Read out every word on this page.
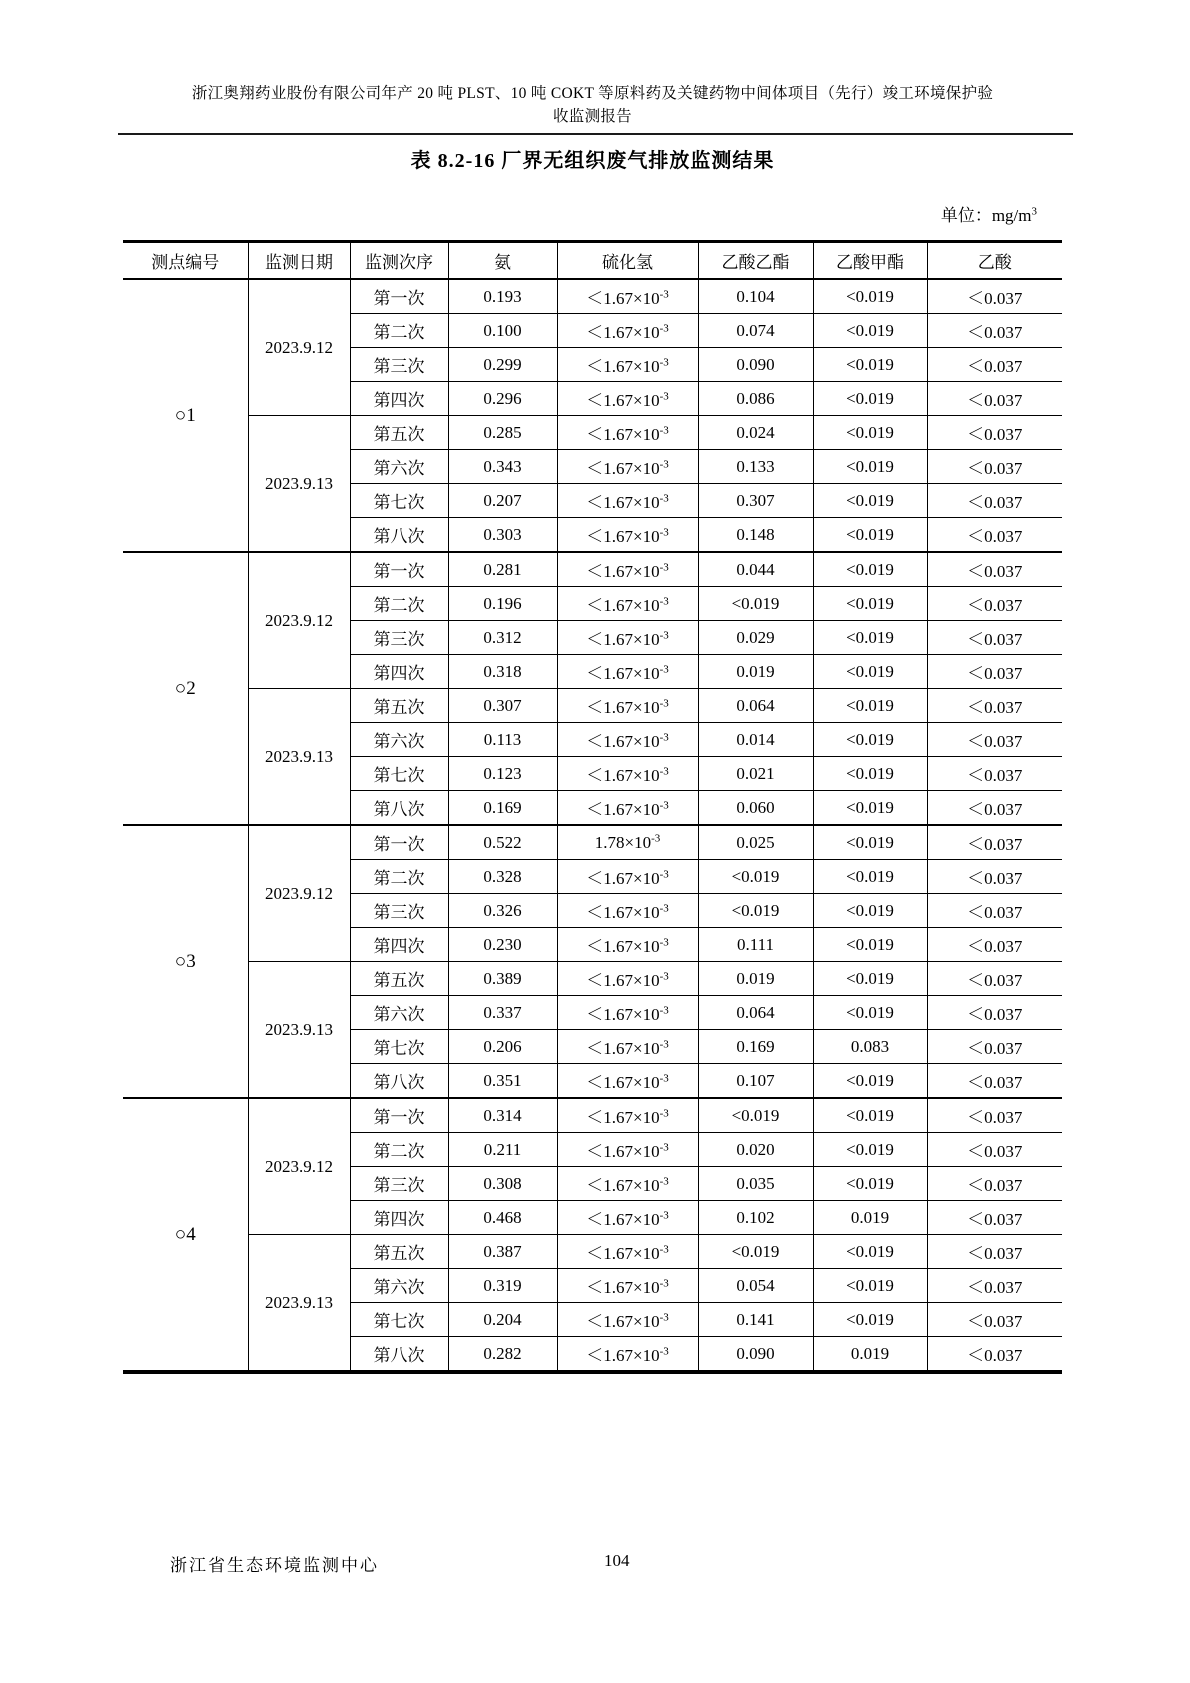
浙江奥翔药业股份有限公司年产 20 吨 PLST、10 吨 COKT 等原料药及关键药物中间体项目（先行）竣工环境保护验
收监测报告
表 8.2-16 厂界无组织废气排放监测结果
单位：$mg/m^3$
测点编号	监测日期	监测次序	氨	硫化氢	乙酸乙酯	乙酸甲酯	乙酸
○1	2023.9.12	第一次	0.193	$<1.67\times 10^{-3}$	0.104	<0.019	＜0.037
		第二次	0.100	$<1.67\times 10^{-3}$	0.074	<0.019	＜0.037
		第三次	0.299	$<1.67\times 10^{-3}$	0.090	<0.019	＜0.037
		第四次	0.296	$<1.67\times 10^{-3}$	0.086	<0.019	＜0.037
	2023.9.13	第五次	0.285	$<1.67\times 10^{-3}$	0.024	<0.019	＜0.037
		第六次	0.343	$<1.67\times 10^{-3}$	0.133	<0.019	＜0.037
		第七次	0.207	$<1.67\times 10^{-3}$	0.307	<0.019	＜0.037
		第八次	0.303	$<1.67\times 10^{-3}$	0.148	<0.019	＜0.037
○2	2023.9.12	第一次	0.281	$<1.67\times 10^{-3}$	0.044	<0.019	＜0.037
		第二次	0.196	$<1.67\times 10^{-3}$	<0.019	<0.019	＜0.037
		第三次	0.312	$<1.67\times 10^{-3}$	0.029	<0.019	＜0.037
		第四次	0.318	$<1.67\times 10^{-3}$	0.019	<0.019	＜0.037
	2023.9.13	第五次	0.307	$<1.67\times 10^{-3}$	0.064	<0.019	＜0.037
		第六次	0.113	$<1.67\times 10^{-3}$	0.014	<0.019	＜0.037
		第七次	0.123	$<1.67\times 10^{-3}$	0.021	<0.019	＜0.037
		第八次	0.169	$<1.67\times 10^{-3}$	0.060	<0.019	＜0.037
○3	2023.9.12	第一次	0.522	$1.78\times 10^{-3}$	0.025	<0.019	＜0.037
		第二次	0.328	$<1.67\times 10^{-3}$	<0.019	<0.019	＜0.037
		第三次	0.326	$<1.67\times 10^{-3}$	<0.019	<0.019	＜0.037
		第四次	0.230	$<1.67\times 10^{-3}$	0.111	<0.019	＜0.037
	2023.9.13	第五次	0.389	$<1.67\times 10^{-3}$	0.019	<0.019	＜0.037
		第六次	0.337	$<1.67\times 10^{-3}$	0.064	<0.019	＜0.037
		第七次	0.206	$<1.67\times 10^{-3}$	0.169	0.083	＜0.037
		第八次	0.351	$<1.67\times 10^{-3}$	0.107	<0.019	＜0.037
○4	2023.9.12	第一次	0.314	$<1.67\times 10^{-3}$	<0.019	<0.019	＜0.037
		第二次	0.211	$<1.67\times 10^{-3}$	0.020	<0.019	＜0.037
		第三次	0.308	$<1.67\times 10^{-3}$	0.035	<0.019	＜0.037
		第四次	0.468	$<1.67\times 10^{-3}$	0.102	0.019	＜0.037
	2023.9.13	第五次	0.387	$<1.67\times 10^{-3}$	<0.019	<0.019	＜0.037
		第六次	0.319	$<1.67\times 10^{-3}$	0.054	<0.019	＜0.037
		第七次	0.204	$<1.67\times 10^{-3}$	0.141	<0.019	＜0.037
		第八次	0.282	$<1.67\times 10^{-3}$	0.090	0.019	＜0.037
浙江省生态环境监测中心	104
